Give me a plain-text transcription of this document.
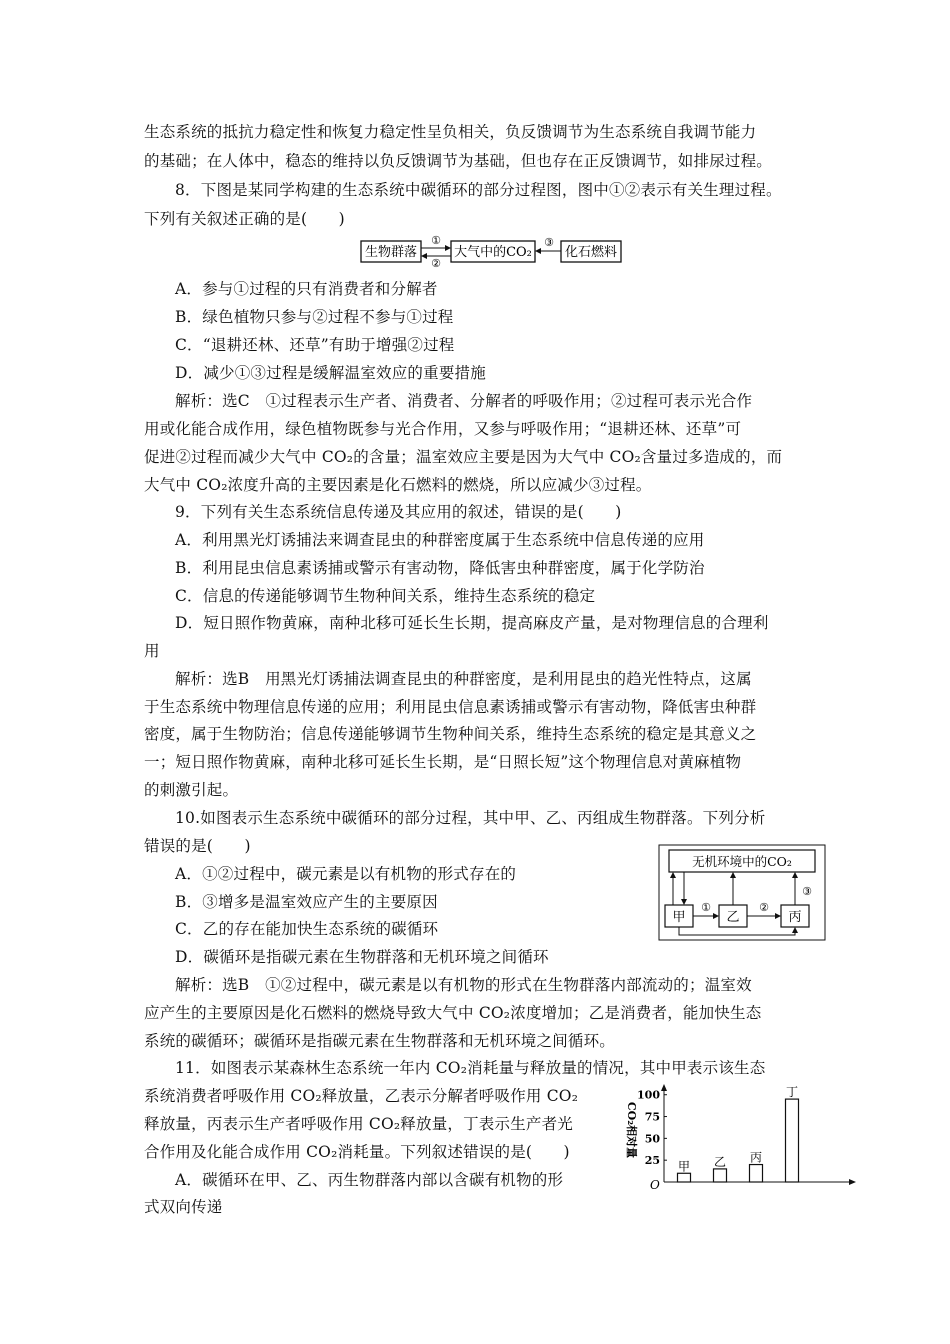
生态系统的抵抗力稳定性和恢复力稳定性呈负相关，负反馈调节为生态系统自我调节能力
的基础；在人体中，稳态的维持以负反馈调节为基础，但也存在正反馈调节，如排尿过程。
8．下图是某同学构建的生态系统中碳循环的部分过程图，图中①②表示有关生理过程。
下列有关叙述正确的是(　　)
生物群落	大气中的CO₂	化石燃料
①
②
③
A．参与①过程的只有消费者和分解者
B．绿色植物只参与②过程不参与①过程
C．“退耕还林、还草”有助于增强②过程
D．减少①③过程是缓解温室效应的重要措施
解析：选C　①过程表示生产者、消费者、分解者的呼吸作用；②过程可表示光合作
用或化能合成作用，绿色植物既参与光合作用，又参与呼吸作用；“退耕还林、还草”可
促进②过程而减少大气中 CO₂的含量；温室效应主要是因为大气中 CO₂含量过多造成的，而
大气中 CO₂浓度升高的主要因素是化石燃料的燃烧，所以应减少③过程。
9．下列有关生态系统信息传递及其应用的叙述，错误的是(　　)
A．利用黑光灯诱捕法来调查昆虫的种群密度属于生态系统中信息传递的应用
B．利用昆虫信息素诱捕或警示有害动物，降低害虫种群密度，属于化学防治
C．信息的传递能够调节生物种间关系，维持生态系统的稳定
D．短日照作物黄麻，南种北移可延长生长期，提高麻皮产量，是对物理信息的合理利
用
解析：选B　用黑光灯诱捕法调查昆虫的种群密度，是利用昆虫的趋光性特点，这属
于生态系统中物理信息传递的应用；利用昆虫信息素诱捕或警示有害动物，降低害虫种群
密度，属于生物防治；信息传递能够调节生物种间关系，维持生态系统的稳定是其意义之
一；短日照作物黄麻，南种北移可延长生长期，是“日照长短”这个物理信息对黄麻植物
的刺激引起。
10.如图表示生态系统中碳循环的部分过程，其中甲、乙、丙组成生物群落。下列分析
错误的是(　　)
A．①②过程中，碳元素是以有机物的形式存在的
B．③增多是温室效应产生的主要原因
C．乙的存在能加快生态系统的碳循环
D．碳循环是指碳元素在生物群落和无机环境之间循环
无机环境中的CO₂
甲	乙	丙
③
①	②
解析：选B　①②过程中，碳元素是以有机物的形式在生物群落内部流动的；温室效
应产生的主要原因是化石燃料的燃烧导致大气中 CO₂浓度增加；乙是消费者，能加快生态
系统的碳循环；碳循环是指碳元素在生物群落和无机环境之间循环。
11．如图表示某森林生态系统一年内 CO₂消耗量与释放量的情况，其中甲表示该生态
系统消费者呼吸作用 CO₂释放量，乙表示分解者呼吸作用 CO₂
释放量，丙表示生产者呼吸作用 CO₂释放量，丁表示生产者光
合作用及化能合成作用 CO₂消耗量。下列叙述错误的是(　　)
A．碳循环在甲、乙、丙生物群落内部以含碳有机物的形
式双向传递
CO₂相对量
O
25
50
75
100
甲 乙 丙
丁
